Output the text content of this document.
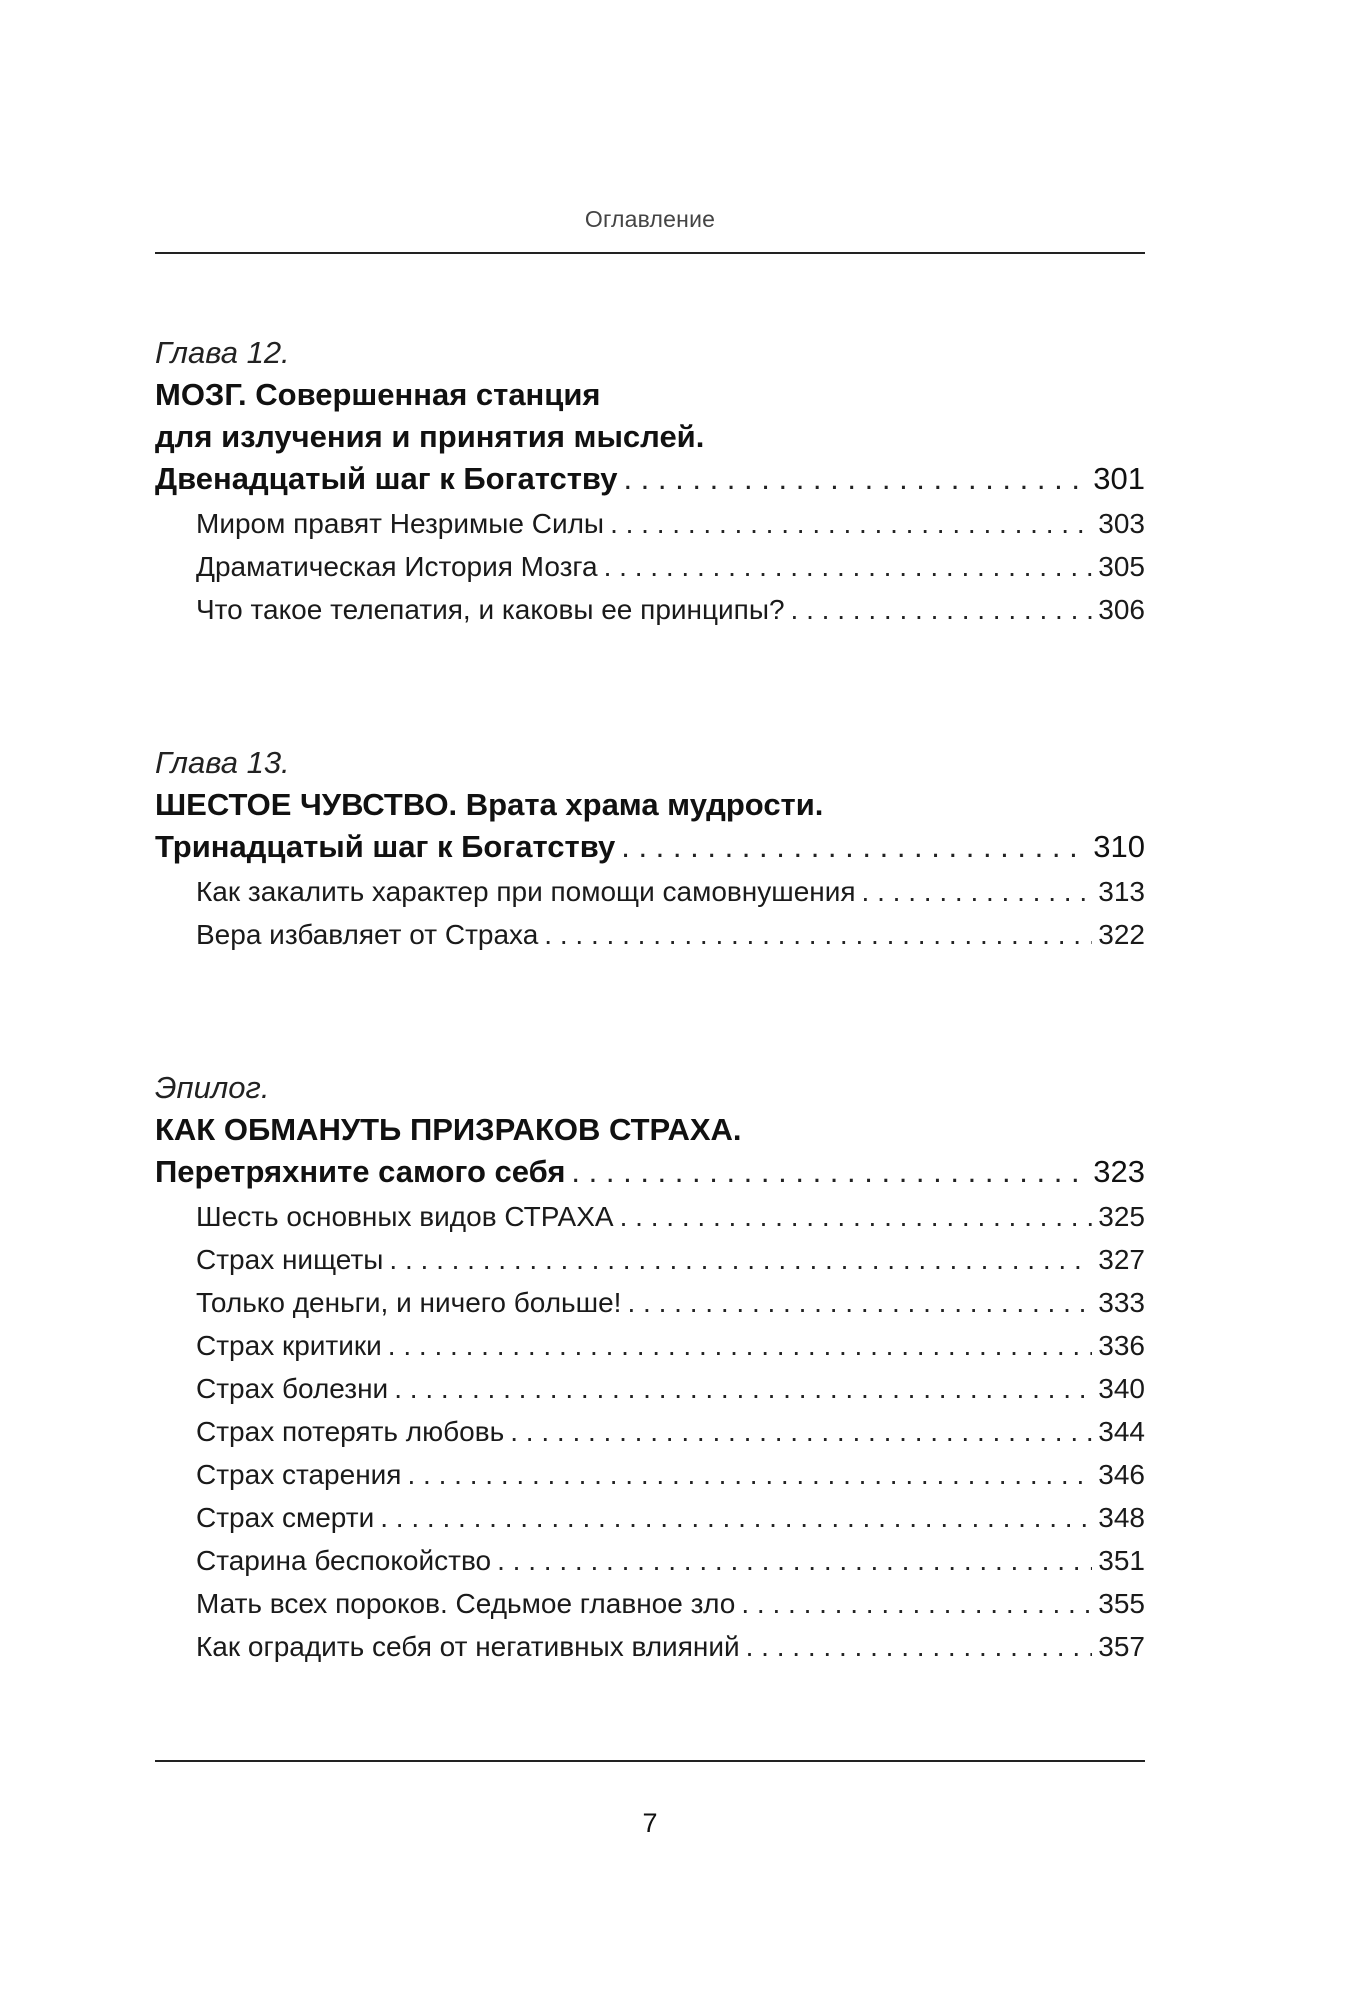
Оглавление

Глава 12.

МОЗГ. Совершенная станция

для излучения и принятия мыслей.

Двенадцатый шаг к Богатству . . .	301
Миром правят Незримые Силы . . .	303
Драматическая История Мозга . . .	305
Что такое телепатия, и каковы ее принципы? . . .	306

Глава 13.

ШЕСТОЕ ЧУВСТВО. Врата храма мудрости.

Тринадцатый шаг к Богатству . . .	310
Как закалить характер при помощи самовнушения . . .	313
Вера избавляет от Страха . . .	322

Эпилог.

КАК ОБМАНУТЬ ПРИЗРАКОВ СТРАХА.

Перетряхните самого себя . . .	323
Шесть основных видов СТРАХА . . .	325
Страх нищеты . . .	327
Только деньги, и ничего больше! . . .	333
Страх критики . . .	336
Страх болезни . . .	340
Страх потерять любовь . . .	344
Страх старения . . .	346
Страх смерти . . .	348
Старина беспокойство . . .	351
Мать всех пороков. Седьмое главное зло . . .	355
Как оградить себя от негативных влияний . . .	357
7
